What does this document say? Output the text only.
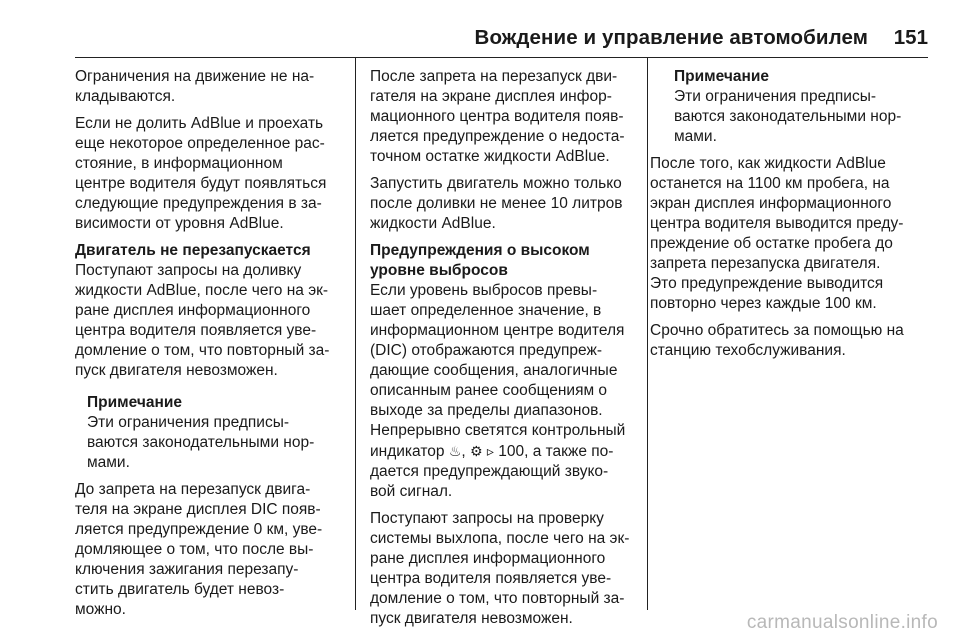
Вождение и управление автомобилем 151

Ограничения на движение не на-
кладываются.

Если не долить AdBlue и проехать
еще некоторое определенное рас-
стояние, в информационном
центре водителя будут появляться
следующие предупреждения в за-
висимости от уровня AdBlue.

Двигатель не перезапускается

Поступают запросы на доливку
жидкости AdBlue, после чего на эк-
ране дисплея информационного
центра водителя появляется уве-
домление о том, что повторный за-
пуск двигателя невозможен.

Примечание

Эти ограничения предписы-
ваются законодательными нор-
мами.

До запрета на перезапуск двига-
теля на экране дисплея DIC появ-
ляется предупреждение 0 км, уве-
домляющее о том, что после вы-
ключения зажигания перезапу-
стить двигатель будет невоз-
можно.

После запрета на перезапуск дви-
гателя на экране дисплея инфор-
мационного центра водителя появ-
ляется предупреждение о недоста-
точном остатке жидкости AdBlue.

Запустить двигатель можно только
после доливки не менее 10 литров
жидкости AdBlue.

Предупреждения о высоком
уровне выбросов

Если уровень выбросов превы-
шает определенное значение, в
информационном центре водителя
(DIC) отображаются предупреж-
дающие сообщения, аналогичные
описанным ранее сообщениям о
выходе за пределы диапазонов.

Непрерывно светятся контрольный
индикатор ♨, ⚙ ▹ 100, а также по-
дается предупреждающий звуко-
вой сигнал.

Поступают запросы на проверку
системы выхлопа, после чего на эк-
ране дисплея информационного
центра водителя появляется уве-
домление о том, что повторный за-
пуск двигателя невозможен.

Примечание

Эти ограничения предписы-
ваются законодательными нор-
мами.

После того, как жидкости AdBlue
останется на 1100 км пробега, на
экран дисплея информационного
центра водителя выводится преду-
преждение об остатке пробега до
запрета перезапуска двигателя.
Это предупреждение выводится
повторно через каждые 100 км.

Срочно обратитесь за помощью на
станцию техобслуживания.

carmanualsonline.info
